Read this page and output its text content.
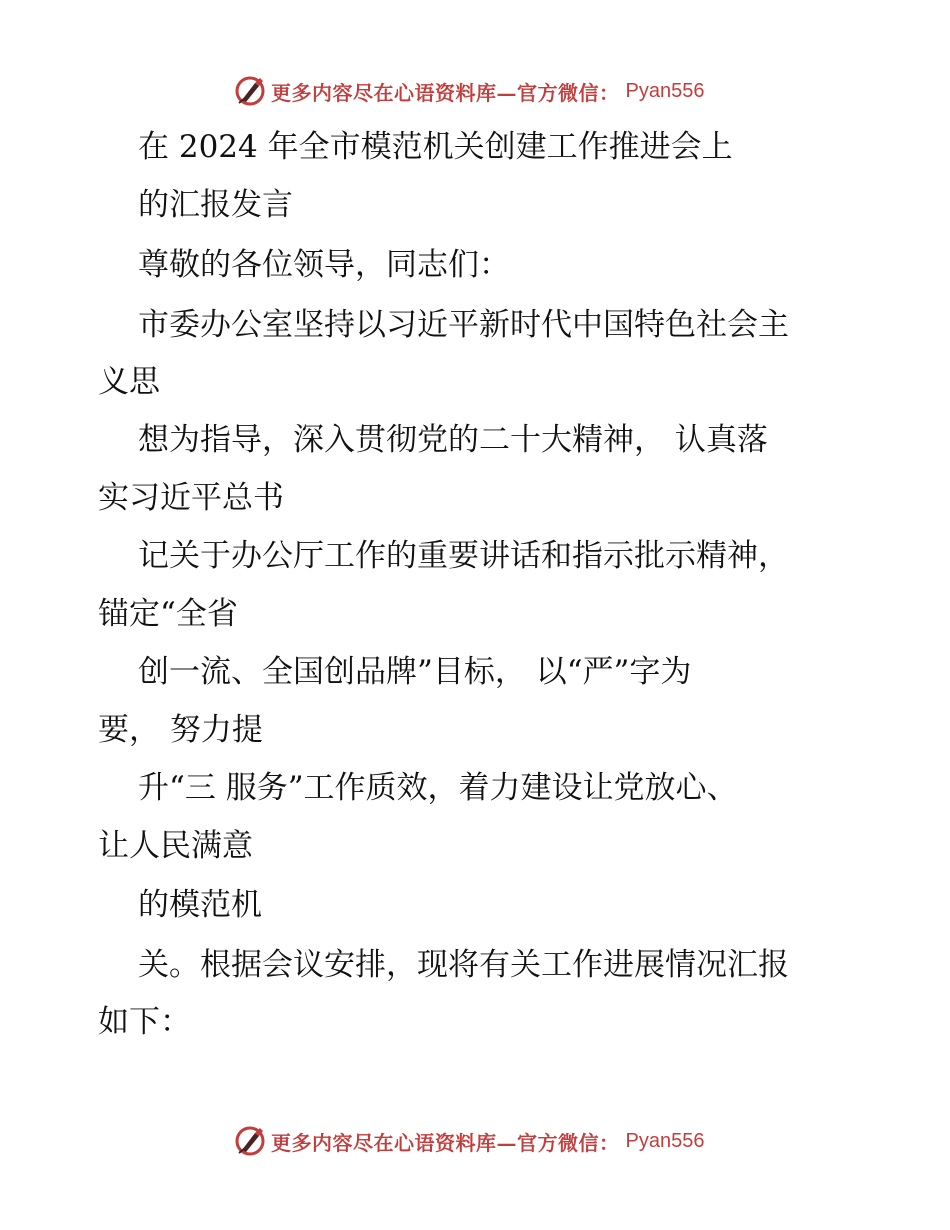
更多内容尽在心语资料库—官方微信： Pyan556
在 2024 年全市模范机关创建工作推进会上
的汇报发言
尊敬的各位领导，同志们：
市委办公室坚持以习近平新时代中国特色社会主
义思
想为指导，深入贯彻党的二十大精神， 认真落
实习近平总书
记关于办公厅工作的重要讲话和指示批示精神，
锚定“全省
创一流、全国创品牌”目标， 以“严”字为
要， 努力提
升“三 服务”工作质效，着力建设让党放心、
让人民满意
的模范机
关。根据会议安排，现将有关工作进展情况汇报
如下：
更多内容尽在心语资料库—官方微信： Pyan556
